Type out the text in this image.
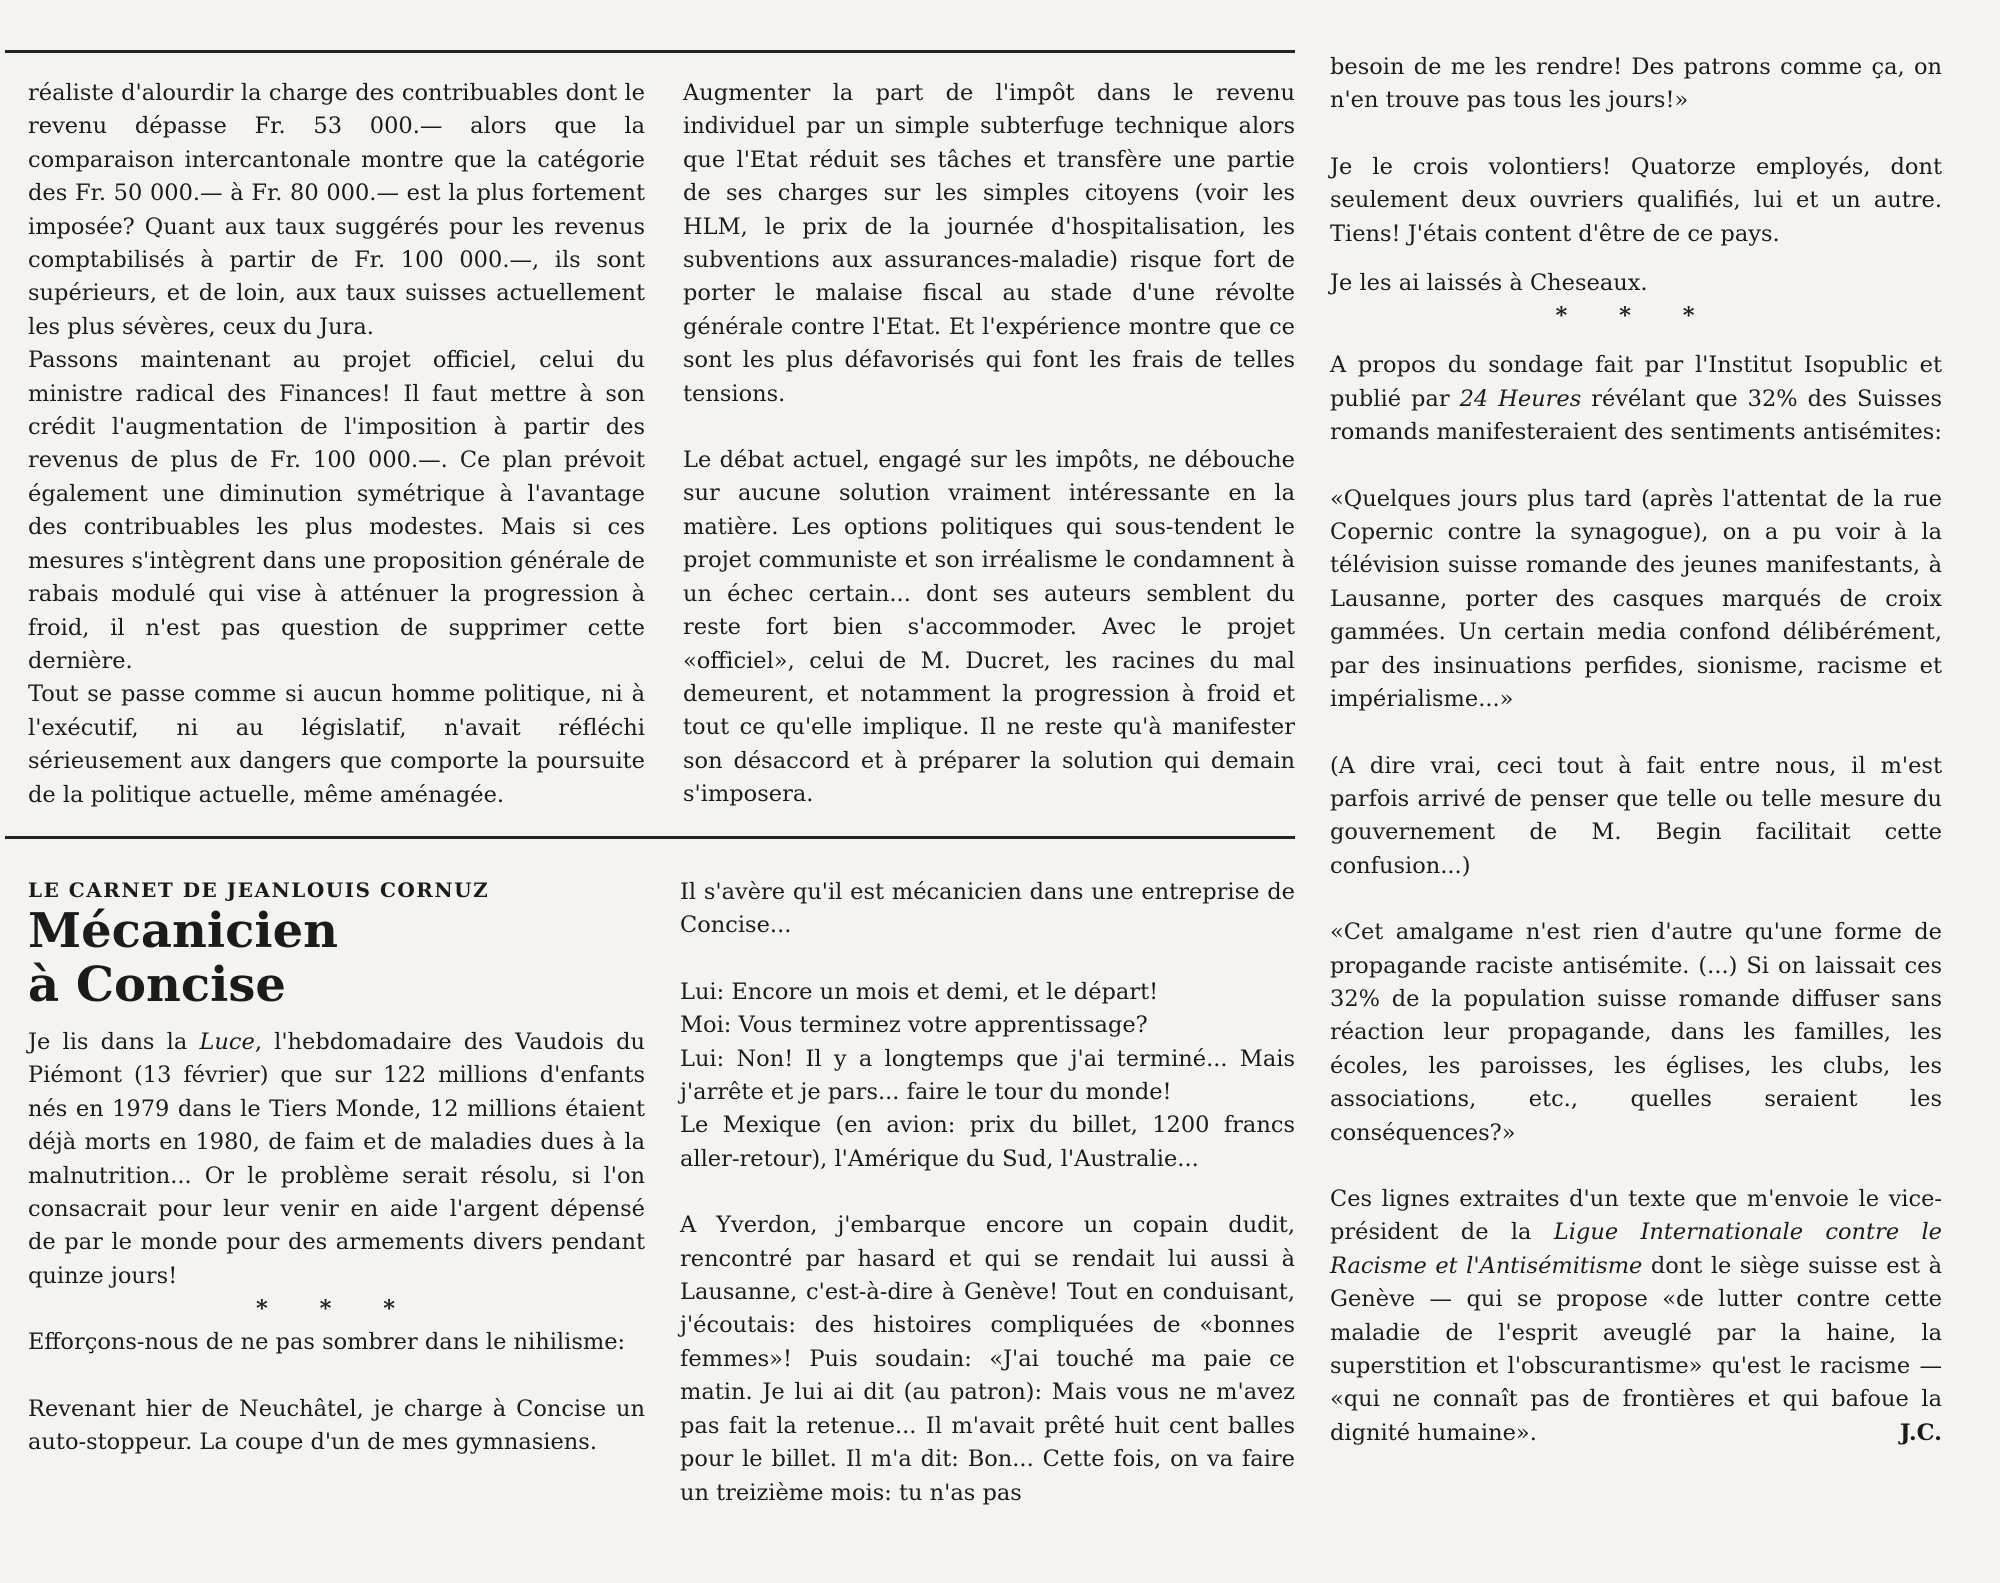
réaliste d'alourdir la charge des contribuables dont le revenu dépasse Fr. 53 000.— alors que la comparaison intercantonale montre que la catégorie des Fr. 50 000.— à Fr. 80 000.— est la plus fortement imposée? Quant aux taux suggérés pour les revenus comptabilisés à partir de Fr. 100 000.—, ils sont supérieurs, et de loin, aux taux suisses actuellement les plus sévères, ceux du Jura.

Passons maintenant au projet officiel, celui du ministre radical des Finances! Il faut mettre à son crédit l'augmentation de l'imposition à partir des revenus de plus de Fr. 100 000.—. Ce plan prévoit également une diminution symétrique à l'avantage des contribuables les plus modestes. Mais si ces mesures s'intègrent dans une proposition générale de rabais modulé qui vise à atténuer la progression à froid, il n'est pas question de supprimer cette dernière.

Tout se passe comme si aucun homme politique, ni à l'exécutif, ni au législatif, n'avait réfléchi sérieusement aux dangers que comporte la poursuite de la politique actuelle, même aménagée.

Augmenter la part de l'impôt dans le revenu individuel par un simple subterfuge technique alors que l'Etat réduit ses tâches et transfère une partie de ses charges sur les simples citoyens (voir les HLM, le prix de la journée d'hospitalisation, les subventions aux assurances-maladie) risque fort de porter le malaise fiscal au stade d'une révolte générale contre l'Etat. Et l'expérience montre que ce sont les plus défavorisés qui font les frais de telles tensions.

Le débat actuel, engagé sur les impôts, ne débouche sur aucune solution vraiment intéressante en la matière. Les options politiques qui sous-tendent le projet communiste et son irréalisme le condamnent à un échec certain... dont ses auteurs semblent du reste fort bien s'accommoder. Avec le projet «officiel», celui de M. Ducret, les racines du mal demeurent, et notamment la progression à froid et tout ce qu'elle implique. Il ne reste qu'à manifester son désaccord et à préparer la solution qui demain s'imposera.

LE CARNET DE JEANLOUIS CORNUZ

Mécanicien
à Concise

Je lis dans la Luce, l'hebdomadaire des Vaudois du Piémont (13 février) que sur 122 millions d'enfants nés en 1979 dans le Tiers Monde, 12 millions étaient déjà morts en 1980, de faim et de maladies dues à la malnutrition... Or le problème serait résolu, si l'on consacrait pour leur venir en aide l'argent dépensé de par le monde pour des armements divers pendant quinze jours!

* * *

Efforçons-nous de ne pas sombrer dans le nihilisme:

Revenant hier de Neuchâtel, je charge à Concise un auto-stoppeur. La coupe d'un de mes gymnasiens.

Il s'avère qu'il est mécanicien dans une entreprise de Concise...

Lui: Encore un mois et demi, et le départ!

Moi: Vous terminez votre apprentissage?

Lui: Non! Il y a longtemps que j'ai terminé... Mais j'arrête et je pars... faire le tour du monde!

Le Mexique (en avion: prix du billet, 1200 francs aller-retour), l'Amérique du Sud, l'Australie...

A Yverdon, j'embarque encore un copain dudit, rencontré par hasard et qui se rendait lui aussi à Lausanne, c'est-à-dire à Genève! Tout en conduisant, j'écoutais: des histoires compliquées de «bonnes femmes»! Puis soudain: «J'ai touché ma paie ce matin. Je lui ai dit (au patron): Mais vous ne m'avez pas fait la retenue... Il m'avait prêté huit cent balles pour le billet. Il m'a dit: Bon... Cette fois, on va faire un treizième mois: tu n'as pas

besoin de me les rendre! Des patrons comme ça, on n'en trouve pas tous les jours!»

Je le crois volontiers! Quatorze employés, dont seulement deux ouvriers qualifiés, lui et un autre. Tiens! J'étais content d'être de ce pays.

Je les ai laissés à Cheseaux.

* * *

A propos du sondage fait par l'Institut Isopublic et publié par 24 Heures révélant que 32% des Suisses romands manifesteraient des sentiments antisémites:

«Quelques jours plus tard (après l'attentat de la rue Copernic contre la synagogue), on a pu voir à la télévision suisse romande des jeunes manifestants, à Lausanne, porter des casques marqués de croix gammées. Un certain media confond délibérément, par des insinuations perfides, sionisme, racisme et impérialisme...»

(A dire vrai, ceci tout à fait entre nous, il m'est parfois arrivé de penser que telle ou telle mesure du gouvernement de M. Begin facilitait cette confusion...)

«Cet amalgame n'est rien d'autre qu'une forme de propagande raciste antisémite. (...) Si on laissait ces 32% de la population suisse romande diffuser sans réaction leur propagande, dans les familles, les écoles, les paroisses, les églises, les clubs, les associations, etc., quelles seraient les conséquences?»

Ces lignes extraites d'un texte que m'envoie le vice-président de la Ligue Internationale contre le Racisme et l'Antisémitisme dont le siège suisse est à Genève — qui se propose «de lutter contre cette maladie de l'esprit aveuglé par la haine, la superstition et l'obscurantisme» qu'est le racisme — «qui ne connaît pas de frontières et qui bafoue la dignité humaine».	J.C.
